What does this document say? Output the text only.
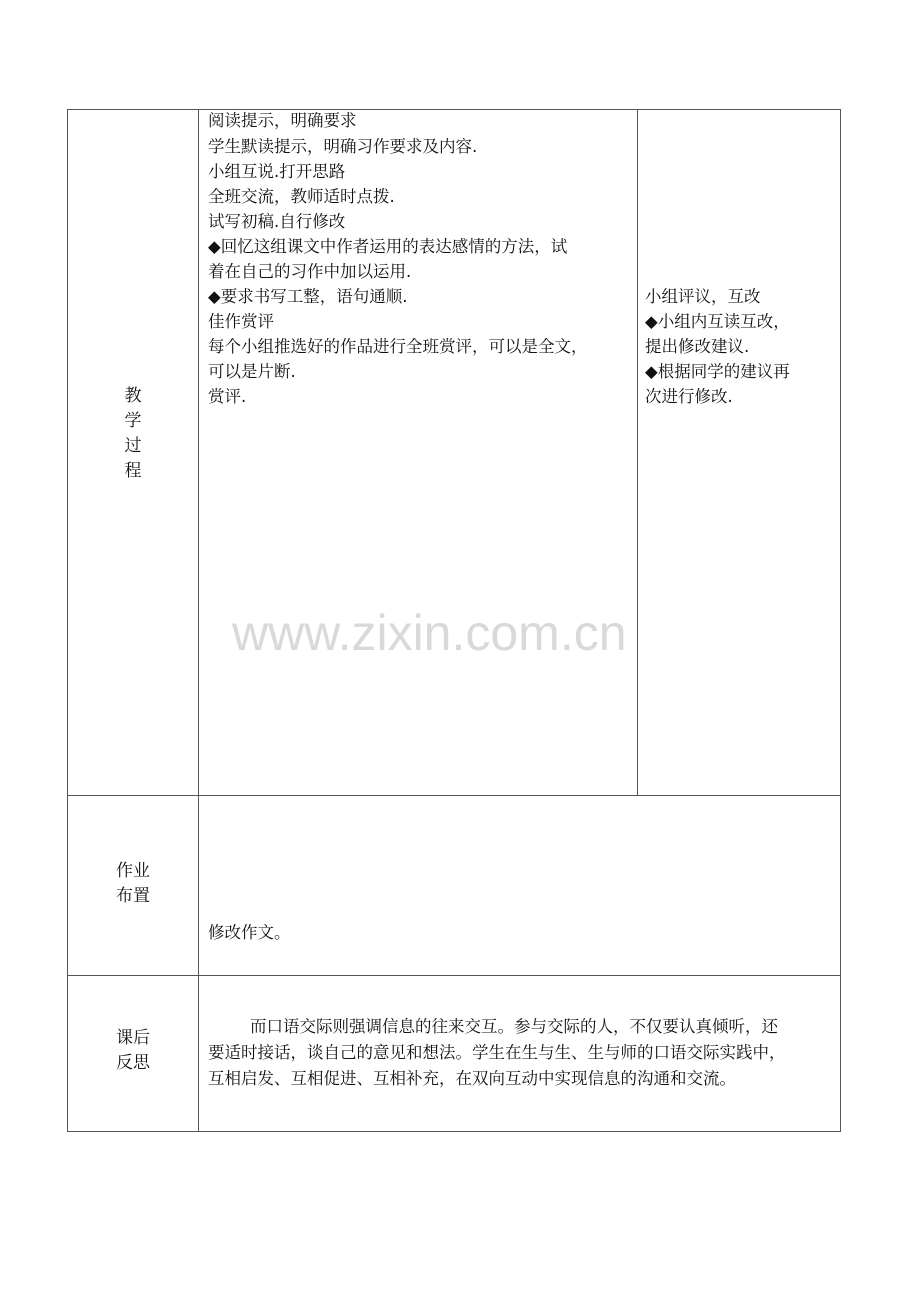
教
学
过
程
阅读提示，明确要求
学生默读提示，明确习作要求及内容.
小组互说.打开思路
全班交流，教师适时点拨.
试写初稿.自行修改
◆回忆这组课文中作者运用的表达感情的方法，试
着在自己的习作中加以运用.
◆要求书写工整，语句通顺.
佳作赏评
每个小组推选好的作品进行全班赏评，可以是全文，
可以是片断.
赏评.
小组评议，互改
◆小组内互读互改，
提出修改建议.
◆根据同学的建议再
次进行修改.
www.zixin.com.cn
作业
布置
修改作文。
课后
反思
而口语交际则强调信息的往来交互。参与交际的人，不仅要认真倾听，还
要适时接话，谈自己的意见和想法。学生在生与生、生与师的口语交际实践中，
互相启发、互相促进、互相补充，在双向互动中实现信息的沟通和交流。
